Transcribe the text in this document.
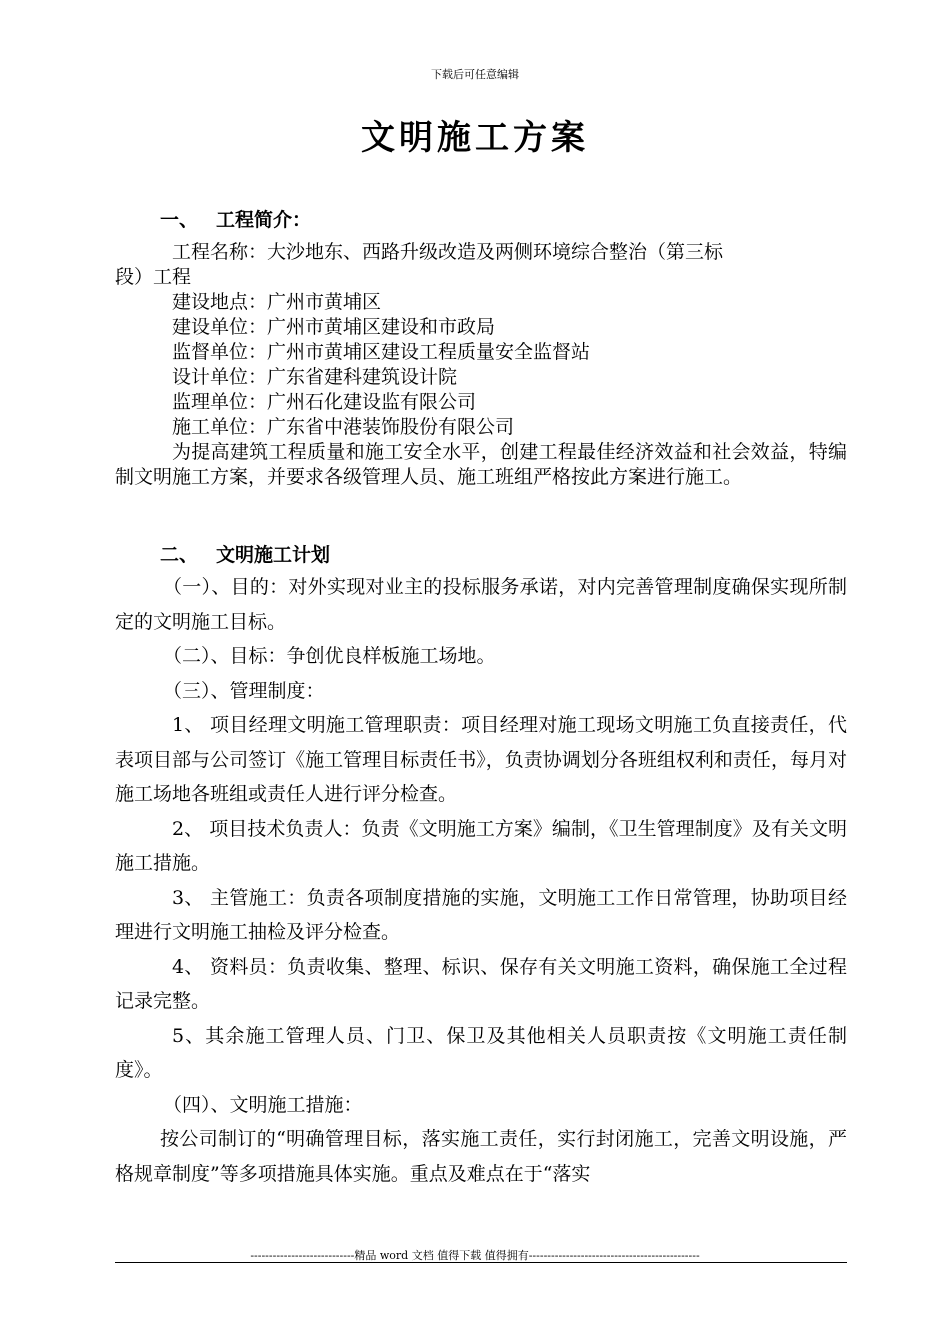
下载后可任意编辑
文明施工方案
一、 工程简介：

工程名称：大沙地东、西路升级改造及两侧环境综合整治（第三标

段）工程

建设地点：广州市黄埔区

建设单位：广州市黄埔区建设和市政局

监督单位：广州市黄埔区建设工程质量安全监督站

设计单位：广东省建科建筑设计院

监理单位：广州石化建设监有限公司

施工单位：广东省中港装饰股份有限公司

为提高建筑工程质量和施工安全水平，创建工程最佳经济效益和社会效益，特编制文明施工方案，并要求各级管理人员、施工班组严格按此方案进行施工。

二、 文明施工计划

（一）、目的：对外实现对业主的投标服务承诺，对内完善管理制度确保实现所制定的文明施工目标。

（二）、目标：争创优良样板施工场地。

（三）、管理制度：

1、 项目经理文明施工管理职责：项目经理对施工现场文明施工负直接责任，代表项目部与公司签订《施工管理目标责任书》，负责协调划分各班组权利和责任，每月对施工场地各班组或责任人进行评分检查。

2、 项目技术负责人：负责《文明施工方案》编制，《卫生管理制度》及有关文明施工措施。

3、 主管施工：负责各项制度措施的实施，文明施工工作日常管理，协助项目经理进行文明施工抽检及评分检查。

4、 资料员：负责收集、整理、标识、保存有关文明施工资料，确保施工全过程记录完整。

5、其余施工管理人员、门卫、保卫及其他相关人员职责按《文明施工责任制度》。

（四）、文明施工措施：

按公司制订的“明确管理目标，落实施工责任，实行封闭施工，完善文明设施，严格规章制度”等多项措施具体实施。重点及难点在于“落实

----------------------------精品 word 文档 值得下载 值得拥有----------------------------------------------
